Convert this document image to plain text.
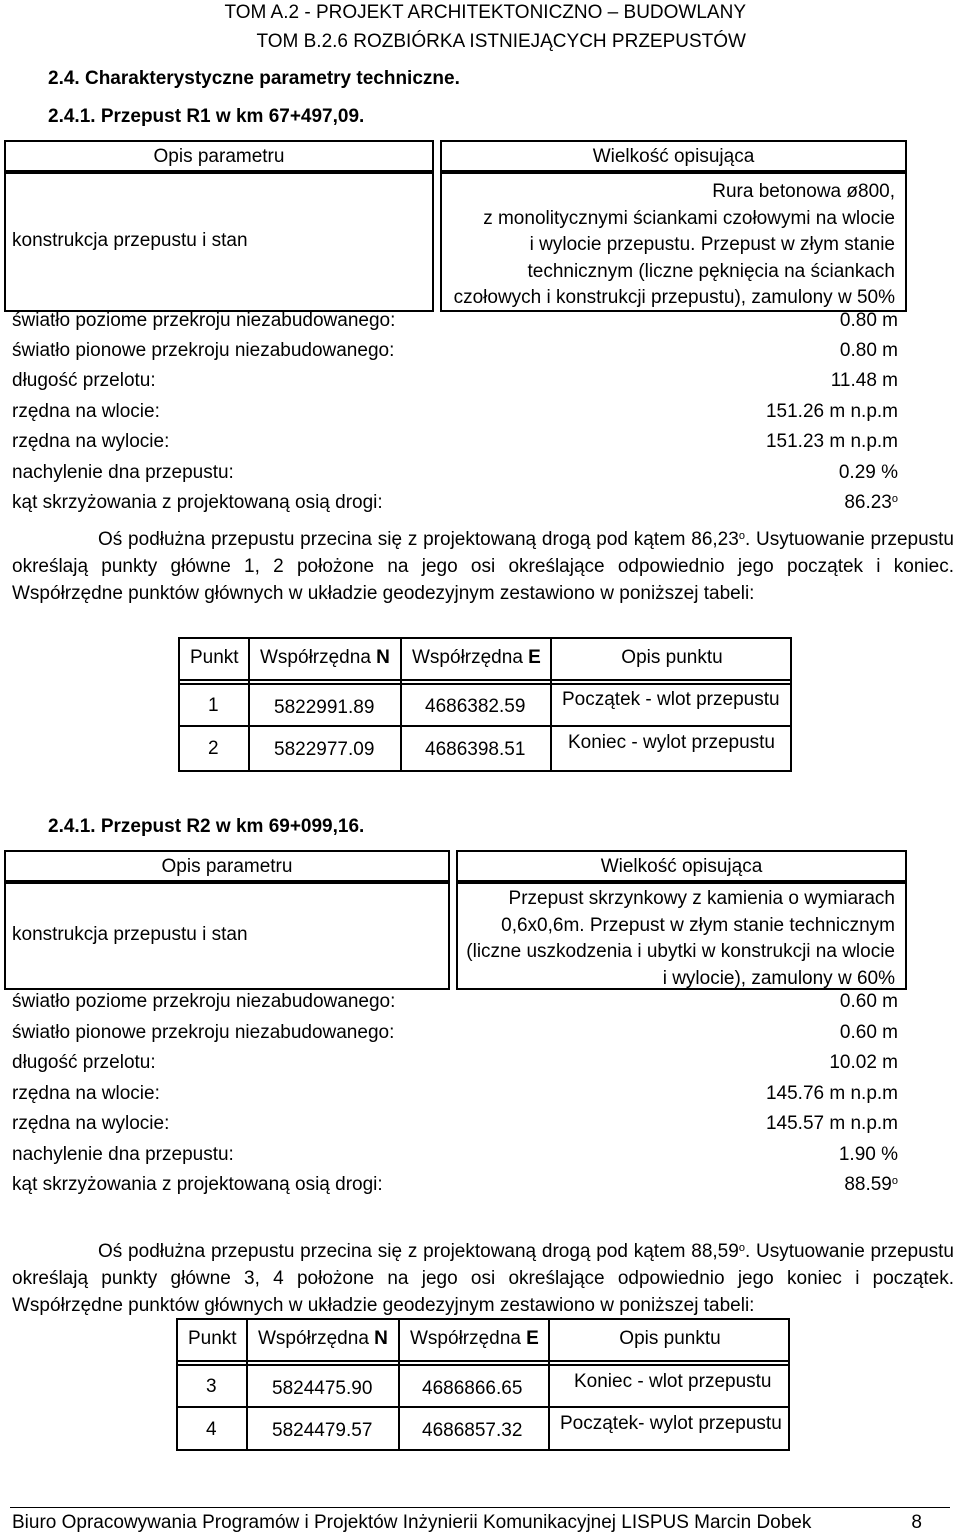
TOM A.2 - PROJEKT ARCHITEKTONICZNO – BUDOWLANY
TOM B.2.6 ROZBIÓRKA ISTNIEJĄCYCH PRZEPUSTÓW
2.4. Charakterystyczne parametry techniczne.
2.4.1. Przepust R1 w km 67+497,09.
Opis parametru	Wielkość opisująca
konstrukcja przepustu i stan
Rura betonowa ø800,
z monolitycznymi ściankami czołowymi na wlocie
i wylocie przepustu. Przepust w złym stanie
technicznym (liczne pęknięcia na ściankach
czołowych i konstrukcji przepustu), zamulony w 50%
światło poziome przekroju niezabudowanego:	0.80 m
światło pionowe przekroju niezabudowanego:	0.80 m
długość przelotu:	11.48 m
rzędna na wlocie:	151.26 m n.p.m
rzędna na wylocie:	151.23 m n.p.m
nachylenie dna przepustu:	0.29 %
kąt skrzyżowania z projektowaną osią drogi:	86.23$^o$
Oś podłużna przepustu przecina się z projektowaną drogą pod kątem 86,23$^o$. Usytuowanie przepustu określają punkty główne 1, 2 położone na jego osi określające odpowiednio jego początek i koniec. Współrzędne punktów głównych w układzie geodezyjnym zestawiono w poniższej tabeli:
Punkt Współrzędna N Współrzędna E	Opis punktu
1	5822991.89	4686382.59 Początek - wlot przepustu
2	5822977.09	4686398.51 Koniec - wylot przepustu
2.4.1. Przepust R2 w km 69+099,16.
Opis parametru	Wielkość opisująca
konstrukcja przepustu i stan
Przepust skrzynkowy z kamienia o wymiarach
0,6x0,6m. Przepust w złym stanie technicznym
(liczne uszkodzenia i ubytki w konstrukcji na wlocie
i wylocie), zamulony w 60%
światło poziome przekroju niezabudowanego:	0.60 m
światło pionowe przekroju niezabudowanego:	0.60 m
długość przelotu:	10.02 m
rzędna na wlocie:	145.76 m n.p.m
rzędna na wylocie:	145.57 m n.p.m
nachylenie dna przepustu:	1.90 %
kąt skrzyżowania z projektowaną osią drogi:	88.59$^o$
Oś podłużna przepustu przecina się z projektowaną drogą pod kątem 88,59$^o$. Usytuowanie przepustu określają punkty główne 3, 4 położone na jego osi określające odpowiednio jego koniec i początek. Współrzędne punktów głównych w układzie geodezyjnym zestawiono w poniższej tabeli:
Punkt Współrzędna N Współrzędna E	Opis punktu
3	5824475.90	4686866.65	Koniec - wlot przepustu
4	5824479.57	4686857.32 Początek- wylot przepustu
Biuro Opracowywania Programów i Projektów Inżynierii Komunikacyjnej LISPUS Marcin Dobek	8
